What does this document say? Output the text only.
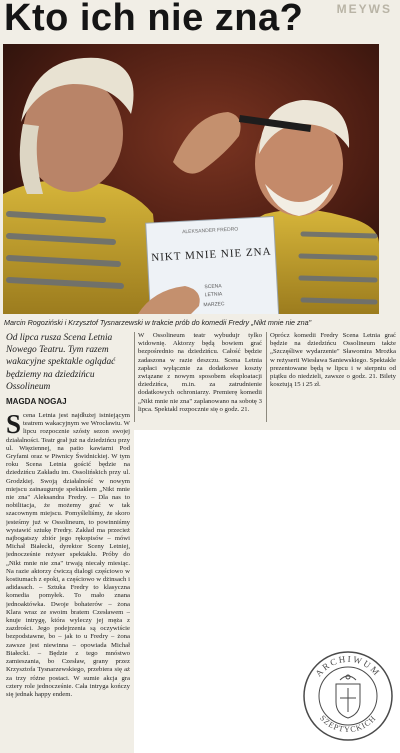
Kto ich nie zna?	MEYWS
ALEKSANDER FREDRO
NIKT MNIE NIE ZNA
SCENA
LETNIA
MARZEC
Marcin Rogoziński i Krzysztof Tysnarzewski w trakcie prób do komedii Fredry „Nikt mnie nie zna"
Od lipca rusza Scena Letnia Nowego Teatru. Tym razem wakacyjne spektakle oglądać będziemy na dziedzińcu Ossolineum
MAGDA NOGAJ
S cena Letnia jest najdłużej istniejącym teatrem wakacyjnym we Wrocławiu. W lipcu rozpocznie szósty sezon swojej działalności. Teatr grał już na dziedzińcu przy ul. Więziennej, na patio kawiarni Pod Gryfami oraz w Piwnicy Świdnickiej. W tym roku Scena Letnia gościć będzie na dziedzińcu Zakładu im. Ossolińskich przy ul. Grodzkiej. Swoją działalność w nowym miejscu zainauguruje spektaklem „Nikt mnie nie zna" Aleksandra Fredry. – Dla nas to nobilitacja, że możemy grać w tak szacownym miejscu. Pomyśleliśmy, że skoro jesteśmy już w Ossolineum, to powinniśmy wystawić sztukę Fredry. Zakład ma przecież najbogatszy zbiór jego rękopisów – mówi Michał Białecki, dyrektor Sceny Letniej, jednocześnie reżyser spektaklu. Próby do „Nikt mnie nie zna" trwają niecały miesiąc. Na razie aktorzy ćwiczą dialogi częściowo w kostiumach z epoki, a częściowo w dżinsach i adidasach. – Sztuka Fredry to klasyczna komedia pomyłek. To mało znana jednoaktówka. Dwoje bohaterów – żona Klara wraz ze swoim bratem Czesławem – knuje intrygę, która wyleczy jej męża z zazdrości. Jego podejrzenia są oczywiście bezpodstawne, bo – jak to u Fredry – żona zawsze jest niewinna – opowiada Michał Białecki. – Będzie z tego mnóstwo zamieszania, bo Czesław, grany przez Krzysztofa Tysnarzewskiego, przebiera się aż za trzy różne postaci. W sumie akcja gra cztery role jednocześnie. Cała intryga kończy się jednak happy endem.
W Ossolineum teatr wybudujr tylko widownię. Aktorzy będą bowiem grać bezpośrednio na dziedzińcu. Całość będzie zadaszona w razie deszczu. Scena Letnia zapłaci wyłącznie za dodatkowe koszty związane z nowym sposobem eksploatacji dziedzińca, m.in. za zatrudnienie dodatkowych ochroniarzy. Premierę komedii „Nikt mnie nie zna" zaplanowano na sobotę 3 lipca. Spektakl rozpocznie się o godz. 21.
Oprócz komedii Fredry Scena Letnia grać będzie na dziedzińcu Ossolineum także „Szczęśliwe wydarzenie" Sławomira Mrożka w reżyserii Wiesława Saniewskiego. Spektakle prezentowane będą w lipcu i w sierpniu od piątku do niedzieli, zawsze o godz. 21. Bilety kosztują 15 i 25 zł.
ARCHIWUM
SZEPTYCKICH
